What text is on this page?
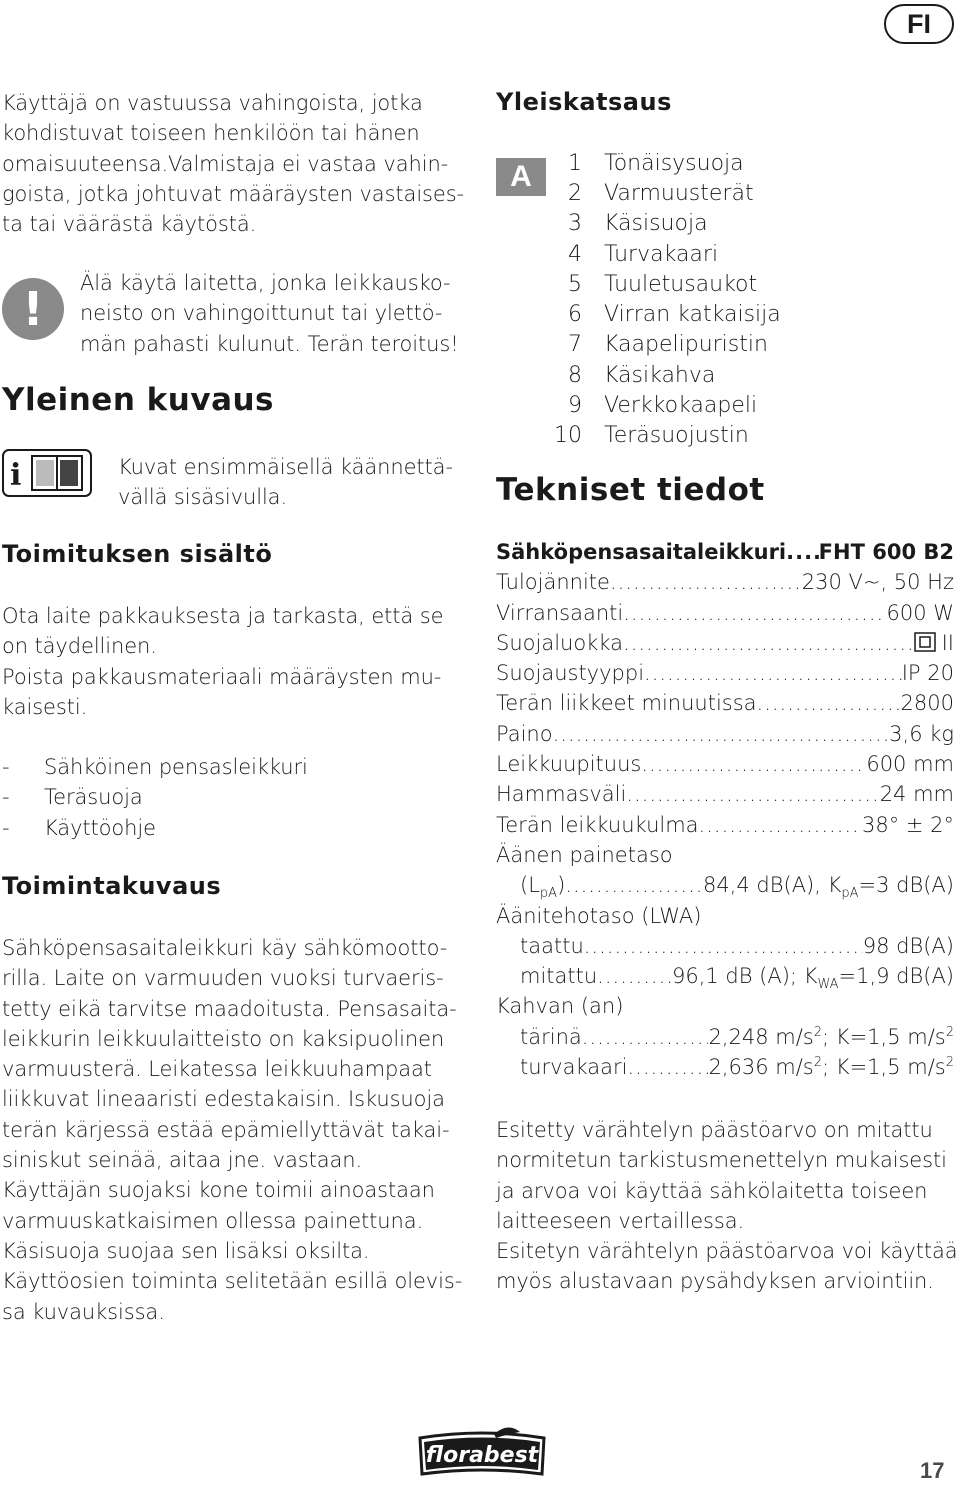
FI
Käyttäjä on vastuussa vahingoista, jotka
kohdistuvat toiseen henkilöön tai hänen
omaisuuteensa.Valmistaja ei vastaa vahin-
goista, jotka johtuvat määräysten vastaises-
ta tai väärästä käytöstä.
!	Älä käytä laitetta, jonka leikkausko-
neisto on vahingoittunut tai ylettö-
män pahasti kulunut. Terän teroitus!
Yleinen kuvaus
i	Kuvat ensimmäisellä käännettä-
vällä sisäsivulla.
Toimituksen sisältö
Ota laite pakkauksesta ja tarkasta, että se
on täydellinen.
Poista pakkausmateriaali määräysten mu-
kaisesti.
-	Sähköinen pensasleikkuri
-	Teräsuoja
-	Käyttöohje
Toimintakuvaus
Sähköpensasaitaleikkuri käy sähkömootto-
rilla. Laite on varmuuden vuoksi turvaeris-
tetty eikä tarvitse maadoitusta. Pensasaita-
leikkurin leikkuulaitteisto on kaksipuolinen
varmuusterä. Leikatessa leikkuuhampaat
liikkuvat lineaaristi edestakaisin. Iskusuoja
terän kärjessä estää epämiellyttävät takai-
siniskut seinää, aitaa jne. vastaan.
Käyttäjän suojaksi kone toimii ainoastaan
varmuuskatkaisimen ollessa painettuna.
Käsisuoja suojaa sen lisäksi oksilta.
Käyttöosien toiminta selitetään esillä olevis-
sa kuvauksissa.
Yleiskatsaus
A	1 Tönäisysuoja
2 Varmuusterät
3 Käsisuoja
4 Turvakaari
5 Tuuletusaukot
6 Virran katkaisija
7 Kaapelipuristin
8 Käsikahva
9 Verkkokaapeli
10 Teräsuojustin
Tekniset tiedot
Sähköpensasaitaleikkuri ..... FHT 600 B2
Tulojännite .....	230 V~, 50 Hz
Virransaanti .....	600 W
Suojaluokka .....	II
Suojaustyyppi .....	IP 20
Terän liikkeet minuutissa .....	2800
Paino .....	3,6 kg
Leikkuupituus .....	600 mm
Hammasväli .....	24 mm
Terän leikkuukulma .....	38° ± 2°
Äänen painetaso
$(L_{pA})$ .....	84,4 dB(A), $K_{pA}=3$ dB(A)
Äänitehotaso (LWA)
taattu .....	98 dB(A)
mitattu .....	96,1 dB (A); $K_{WA}=1,9$ dB(A)
Kahvan (an)
tärinä .....	2,248 $m/s^2$; K=1,5 $m/s^2$
turvakaari .....	2,636 $m/s^2$; K=1,5 $m/s^2$
Esitetty värähtelyn päästöarvo on mitattu
normitetun tarkistusmenettelyn mukaisesti
ja arvoa voi käyttää sähkölaitetta toiseen
laitteeseen vertaillessa.
Esitetyn värähtelyn päästöarvoa voi käyttää
myös alustavaan pysähdyksen arviointiin.
florabest
17
